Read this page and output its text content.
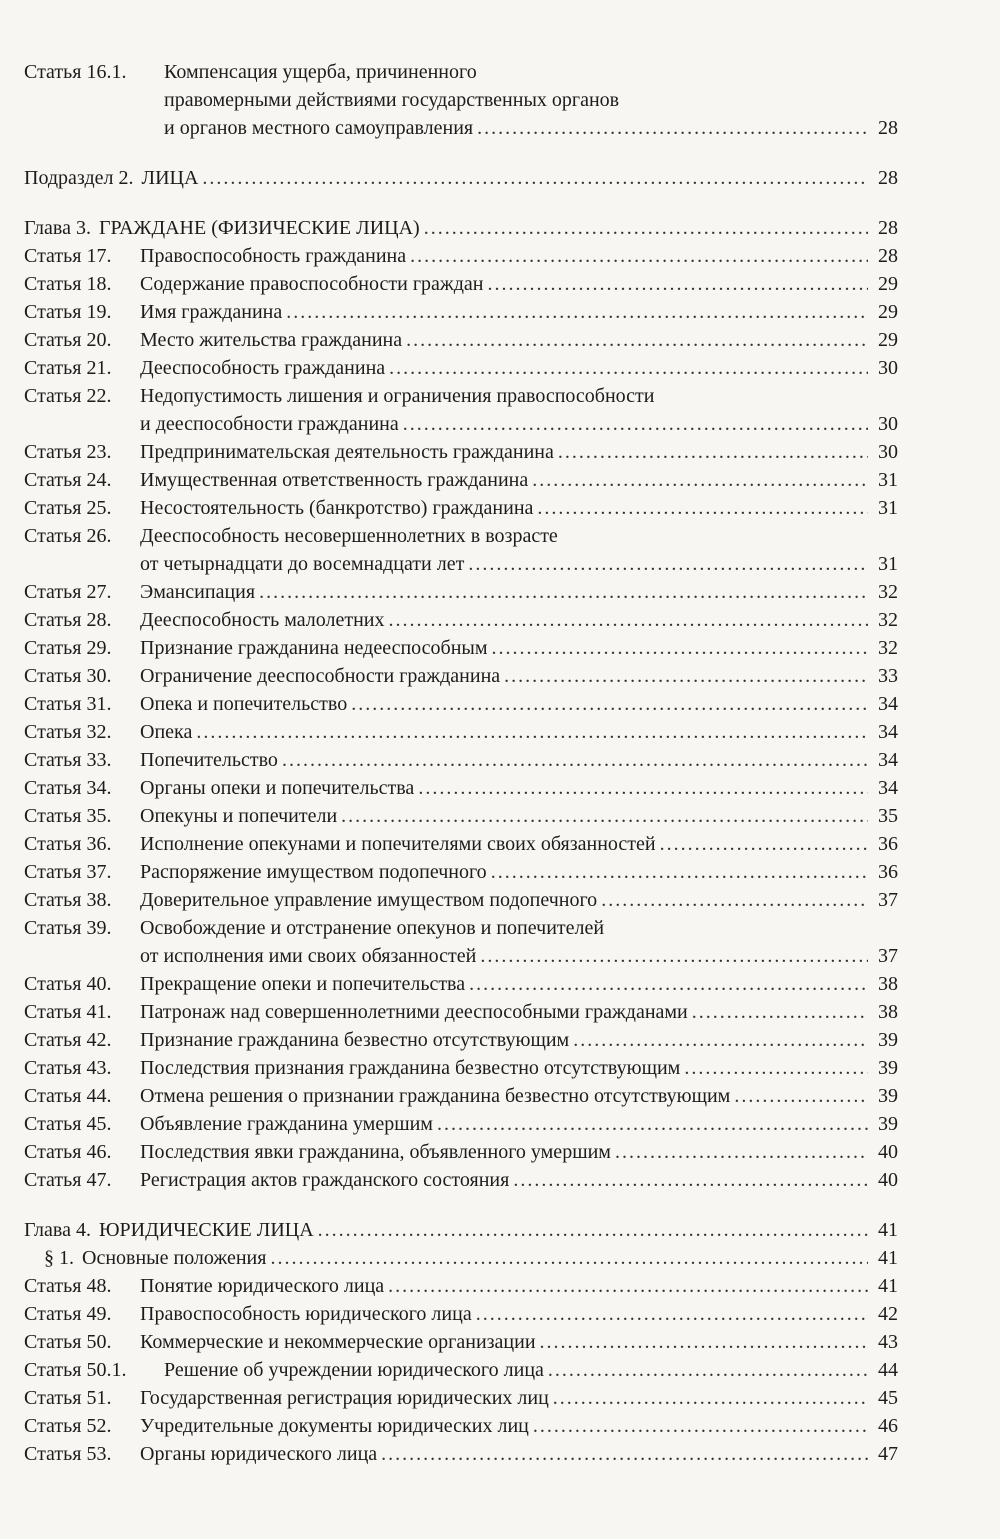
Статья 16.1.	Компенсация ущерба, причиненного
правомерными действиями государственных органов
и органов местного самоуправления .....	28
Подраздел 2. ЛИЦА .....	28
Глава 3. ГРАЖДАНЕ (ФИЗИЧЕСКИЕ ЛИЦА) .....	28
Статья 17.	Правоспособность гражданина .....	28
Статья 18.	Содержание правоспособности граждан .....	29
Статья 19.	Имя гражданина .....	29
Статья 20.	Место жительства гражданина .....	29
Статья 21.	Дееспособность гражданина .....	30
Статья 22.	Недопустимость лишения и ограничения правоспособности
и дееспособности гражданина .....	30
Статья 23.	Предпринимательская деятельность гражданина .....	30
Статья 24.	Имущественная ответственность гражданина .....	31
Статья 25.	Несостоятельность (банкротство) гражданина .....	31
Статья 26.	Дееспособность несовершеннолетних в возрасте
от четырнадцати до восемнадцати лет .....	31
Статья 27.	Эмансипация .....	32
Статья 28.	Дееспособность малолетних .....	32
Статья 29.	Признание гражданина недееспособным .....	32
Статья 30.	Ограничение дееспособности гражданина .....	33
Статья 31.	Опека и попечительство .....	34
Статья 32.	Опека .....	34
Статья 33.	Попечительство .....	34
Статья 34.	Органы опеки и попечительства .....	34
Статья 35.	Опекуны и попечители .....	35
Статья 36.	Исполнение опекунами и попечителями своих обязанностей .....	36
Статья 37.	Распоряжение имуществом подопечного .....	36
Статья 38.	Доверительное управление имуществом подопечного .....	37
Статья 39.	Освобождение и отстранение опекунов и попечителей
от исполнения ими своих обязанностей .....	37
Статья 40.	Прекращение опеки и попечительства .....	38
Статья 41.	Патронаж над совершеннолетними дееспособными гражданами .....	38
Статья 42.	Признание гражданина безвестно отсутствующим .....	39
Статья 43.	Последствия признания гражданина безвестно отсутствующим .....	39
Статья 44.	Отмена решения о признании гражданина безвестно отсутствующим .....	39
Статья 45.	Объявление гражданина умершим .....	39
Статья 46.	Последствия явки гражданина, объявленного умершим .....	40
Статья 47.	Регистрация актов гражданского состояния .....	40
Глава 4. ЮРИДИЧЕСКИЕ ЛИЦА .....	41
§ 1. Основные положения .....	41
Статья 48.	Понятие юридического лица .....	41
Статья 49.	Правоспособность юридического лица .....	42
Статья 50.	Коммерческие и некоммерческие организации .....	43
Статья 50.1.	Решение об учреждении юридического лица .....	44
Статья 51.	Государственная регистрация юридических лиц .....	45
Статья 52.	Учредительные документы юридических лиц .....	46
Статья 53.	Органы юридического лица .....	47
